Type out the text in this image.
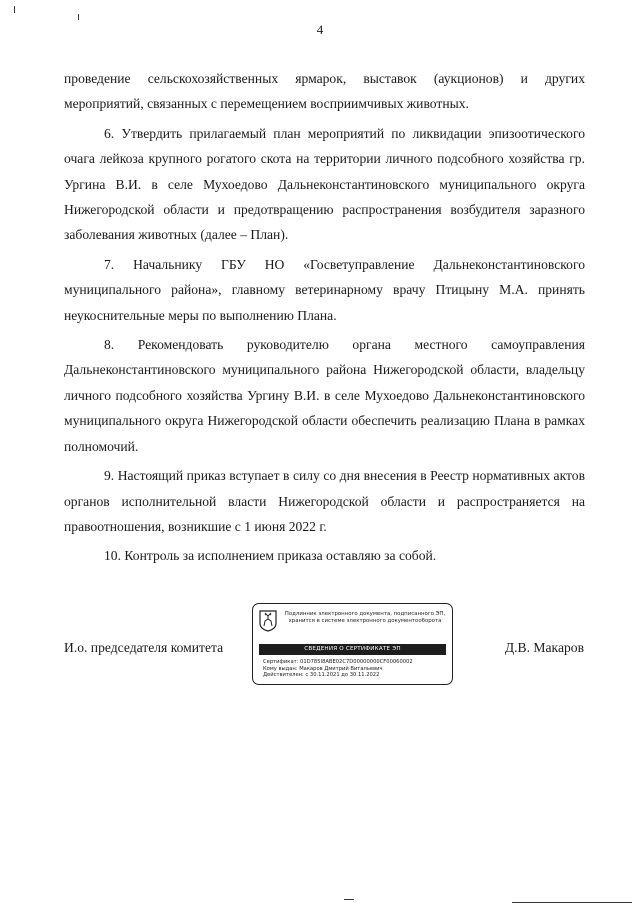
4

проведение сельскохозяйственных ярмарок, выставок (аукционов) и других мероприятий, связанных с перемещением восприимчивых животных.

6. Утвердить прилагаемый план мероприятий по ликвидации эпизоотического очага лейкоза крупного рогатого скота на территории личного подсобного хозяйства гр. Ургина В.И. в селе Мухоедово Дальнеконстантиновского муниципального округа Нижегородской области и предотвращению распространения возбудителя заразного заболевания животных (далее – План).

7. Начальнику ГБУ НО «Госветуправление Дальнеконстантиновского муниципального района», главному ветеринарному врачу Птицыну М.А. принять неукоснительные меры по выполнению Плана.

8. Рекомендовать руководителю органа местного самоуправления Дальнеконстантиновского муниципального района Нижегородской области, владельцу личного подсобного хозяйства Ургину В.И. в селе Мухоедово Дальнеконстантиновского муниципального округа Нижегородской области обеспечить реализацию Плана в рамках полномочий.

9. Настоящий приказ вступает в силу со дня внесения в Реестр нормативных актов органов исполнительной власти Нижегородской области и распространяется на правоотношения, возникшие с 1 июня 2022 г.

10. Контроль за исполнением приказа оставляю за собой.

И.о. председателя комитета
Подлинник электронного документа, подписанного ЭП,
хранится в системе электронного документооборота
СВЕДЕНИЯ О СЕРТИФИКАТЕ ЭП
Сертификат: 01D785I8ABE02C7D00000000CF00060002
Кому выдан: Макаров Дмитрий Витальевич
Действителен: с 30.11.2021 до 30.11.2022
Д.В. Макаров
